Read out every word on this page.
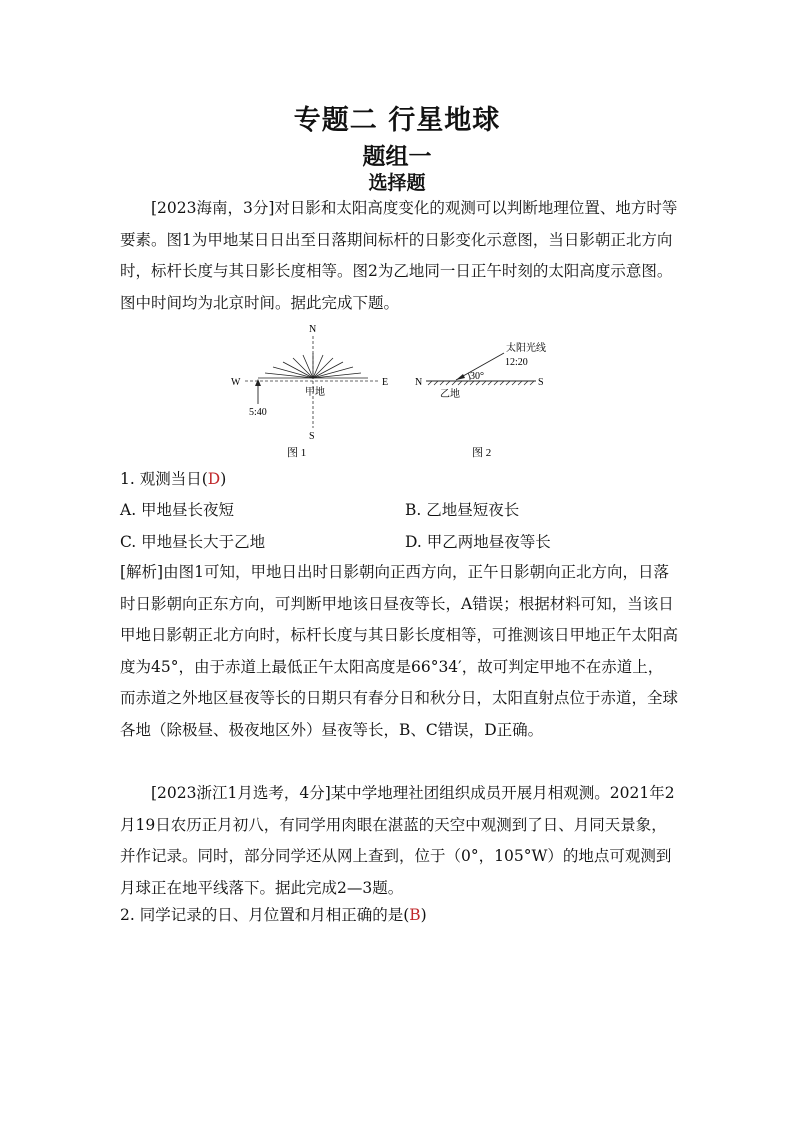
专题二 行星地球
题组一
选择题

[2023海南，3分]对日影和太阳高度变化的观测可以判断地理位置、地方时等要素。图1为甲地某日日出至日落期间标杆的日影变化示意图，当日影朝正北方向时，标杆长度与其日影长度相等。图2为乙地同一日正午时刻的太阳高度示意图。图中时间均为北京时间。据此完成下题。

N
S
W	E
甲地
5:40
图 1
太阳光线
12:20
30°
N	S
乙地
图 2
1. 观测当日(D)
A. 甲地昼长夜短	B. 乙地昼短夜长
C. 甲地昼长大于乙地	D. 甲乙两地昼夜等长

[解析]由图1可知，甲地日出时日影朝向正西方向，正午日影朝向正北方向，日落时日影朝向正东方向，可判断甲地该日昼夜等长，A错误；根据材料可知，当该日甲地日影朝正北方向时，标杆长度与其日影长度相等，可推测该日甲地正午太阳高度为45°，由于赤道上最低正午太阳高度是66°34′，故可判定甲地不在赤道上，而赤道之外地区昼夜等长的日期只有春分日和秋分日，太阳直射点位于赤道，全球各地（除极昼、极夜地区外）昼夜等长，B、C错误，D正确。

[2023浙江1月选考，4分]某中学地理社团组织成员开展月相观测。2021年2月19日农历正月初八，有同学用肉眼在湛蓝的天空中观测到了日、月同天景象，并作记录。同时，部分同学还从网上查到，位于（0°，105°W）的地点可观测到月球正在地平线落下。据此完成2—3题。

2. 同学记录的日、月位置和月相正确的是(B)
